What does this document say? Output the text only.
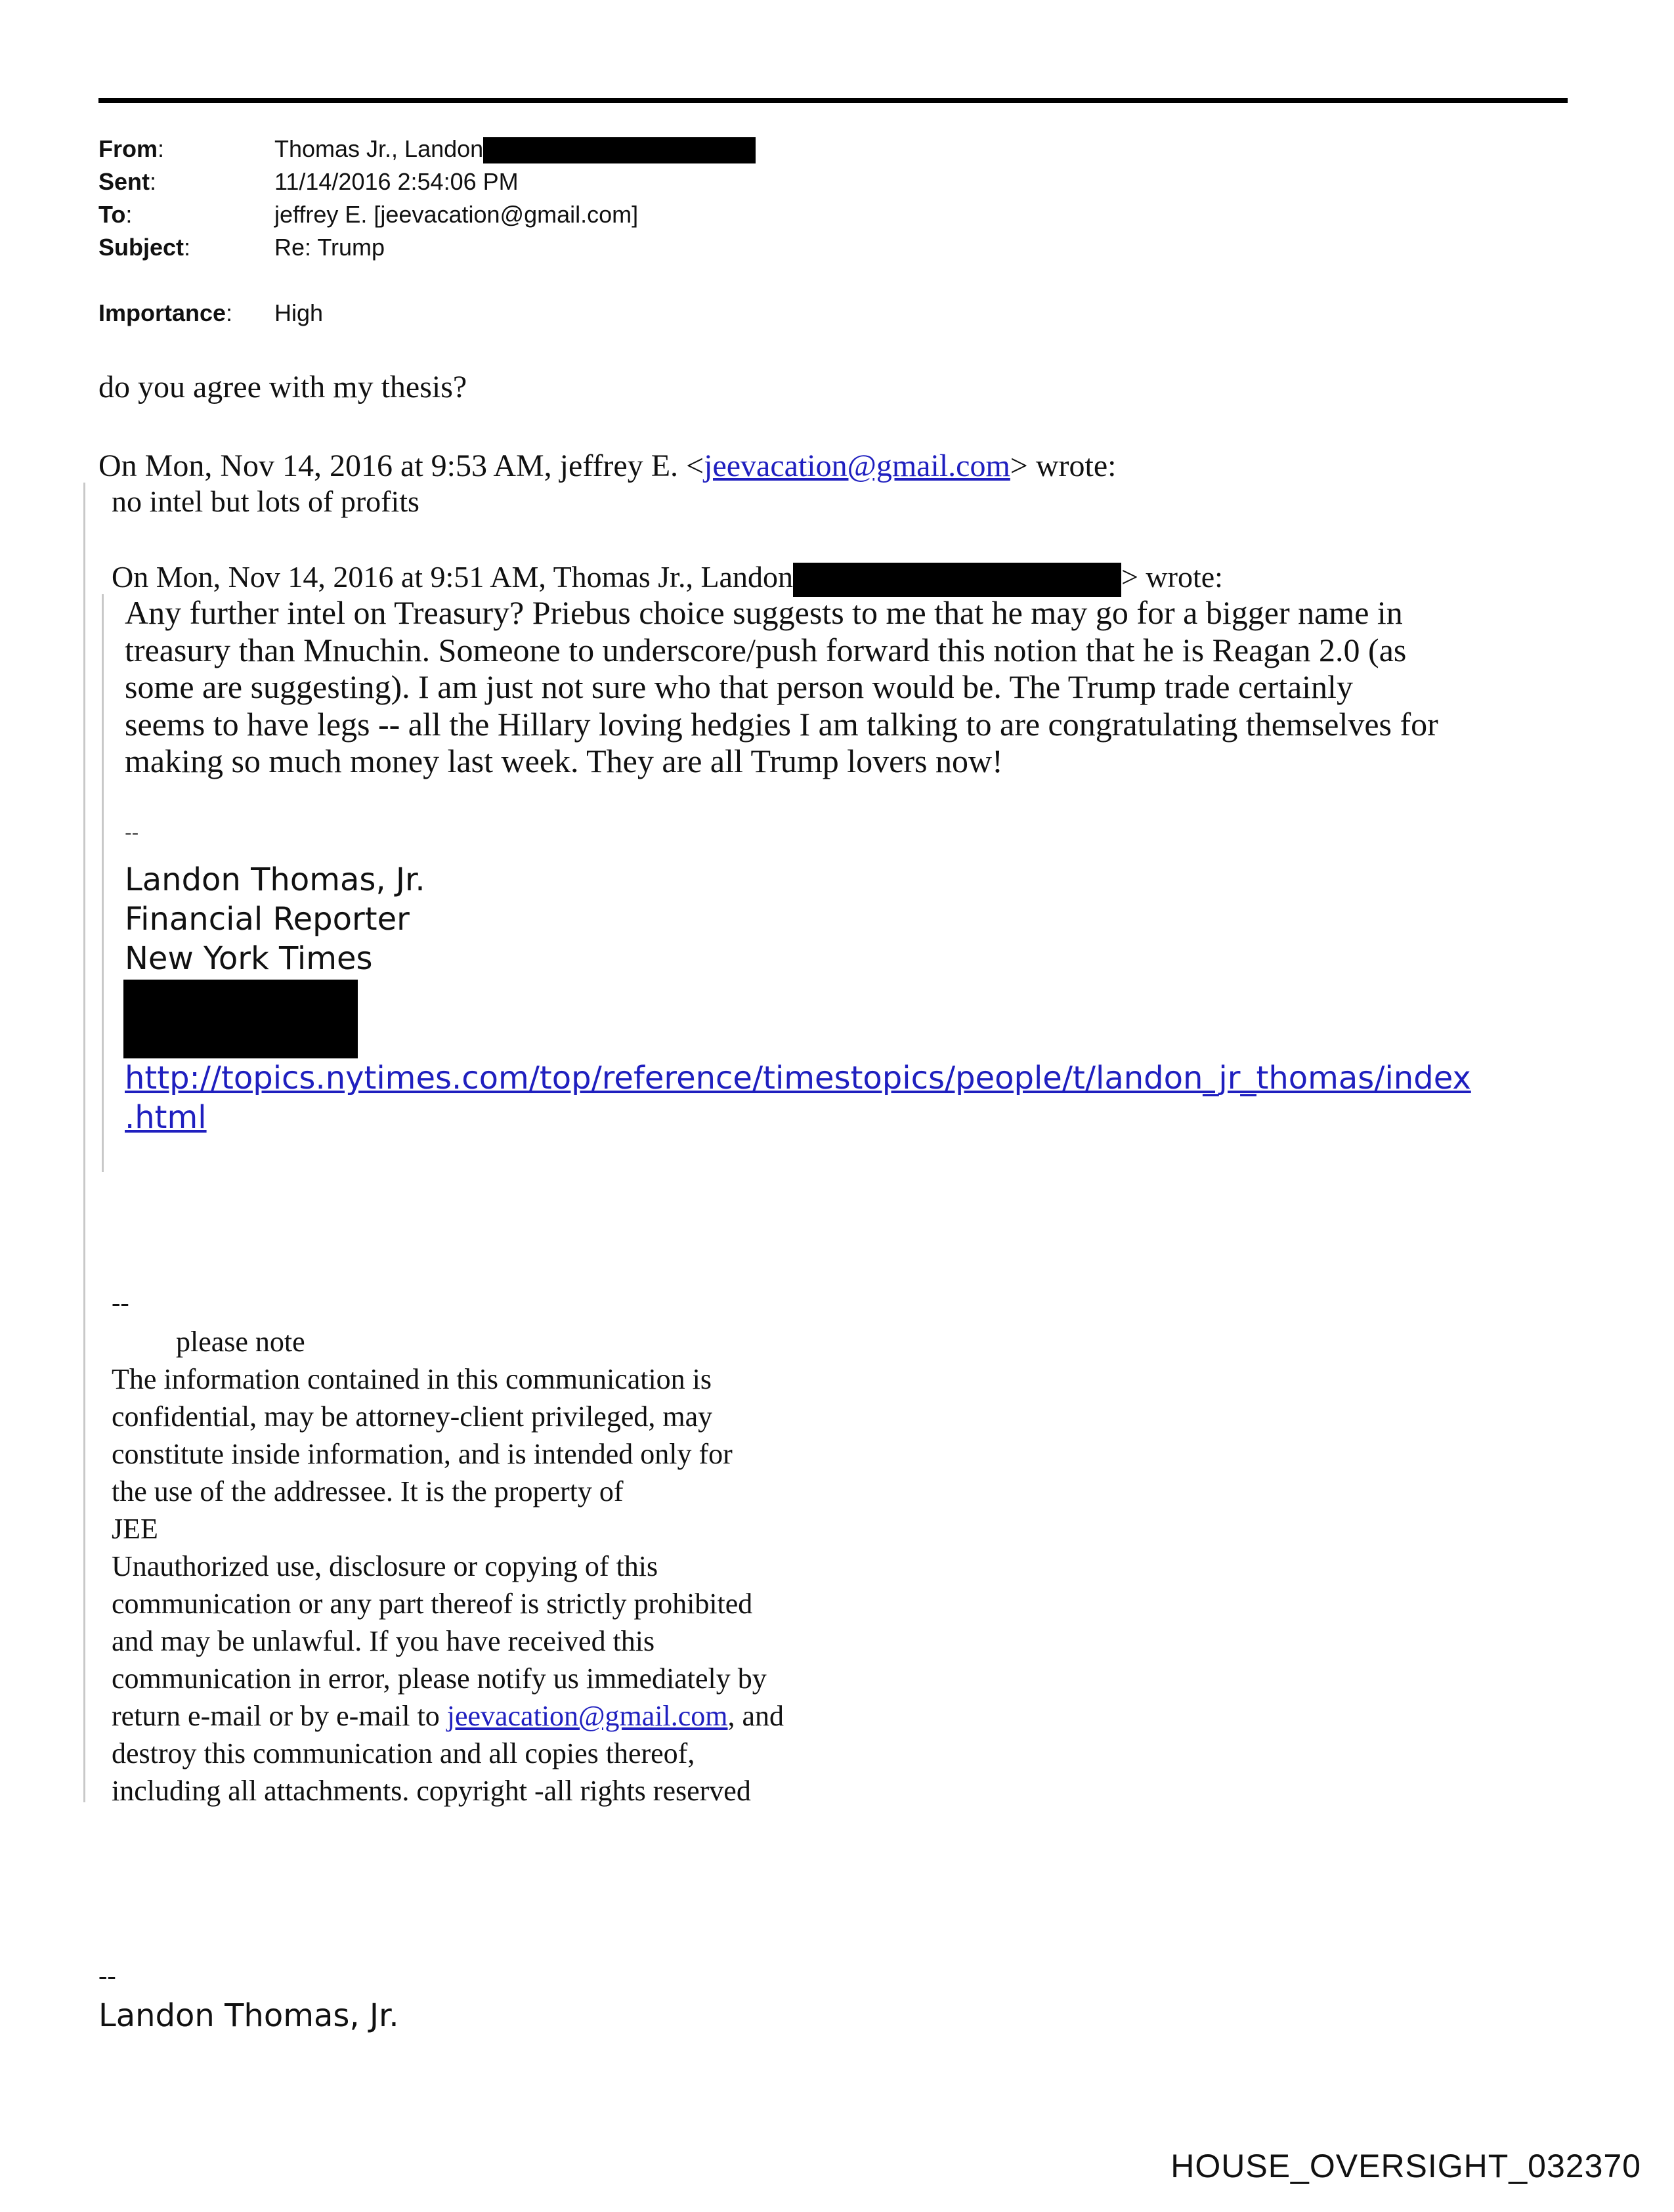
From:	Thomas Jr., Landon
Sent:	11/14/2016 2:54:06 PM
To:	jeffrey E. [jeevacation@gmail.com]
Subject:	Re: Trump
Importance: High
do you agree with my thesis?
On Mon, Nov 14, 2016 at 9:53 AM, jeffrey E. <jeevacation@gmail.com> wrote:
no intel but lots of profits
On Mon, Nov 14, 2016 at 9:51 AM, Thomas Jr., Landon	> wrote:
Any further intel on Treasury? Priebus choice suggests to me that he may go for a bigger name in
treasury than Mnuchin. Someone to underscore/push forward this notion that he is Reagan 2.0 (as
some are suggesting). I am just not sure who that person would be. The Trump trade certainly
seems to have legs -- all the Hillary loving hedgies I am talking to are congratulating themselves for
making so much money last week. They are all Trump lovers now!
--
Landon Thomas, Jr.
Financial Reporter
New York Times
http://topics.nytimes.com/top/reference/timestopics/people/t/landon_jr_thomas/index
.html
--
please note
The information contained in this communication is
confidential, may be attorney-client privileged, may
constitute inside information, and is intended only for
the use of the addressee. It is the property of
JEE
Unauthorized use, disclosure or copying of this
communication or any part thereof is strictly prohibited
and may be unlawful. If you have received this
communication in error, please notify us immediately by
return e-mail or by e-mail to jeevacation@gmail.com, and
destroy this communication and all copies thereof,
including all attachments. copyright -all rights reserved
--
Landon Thomas, Jr.
HOUSE_OVERSIGHT_032370
